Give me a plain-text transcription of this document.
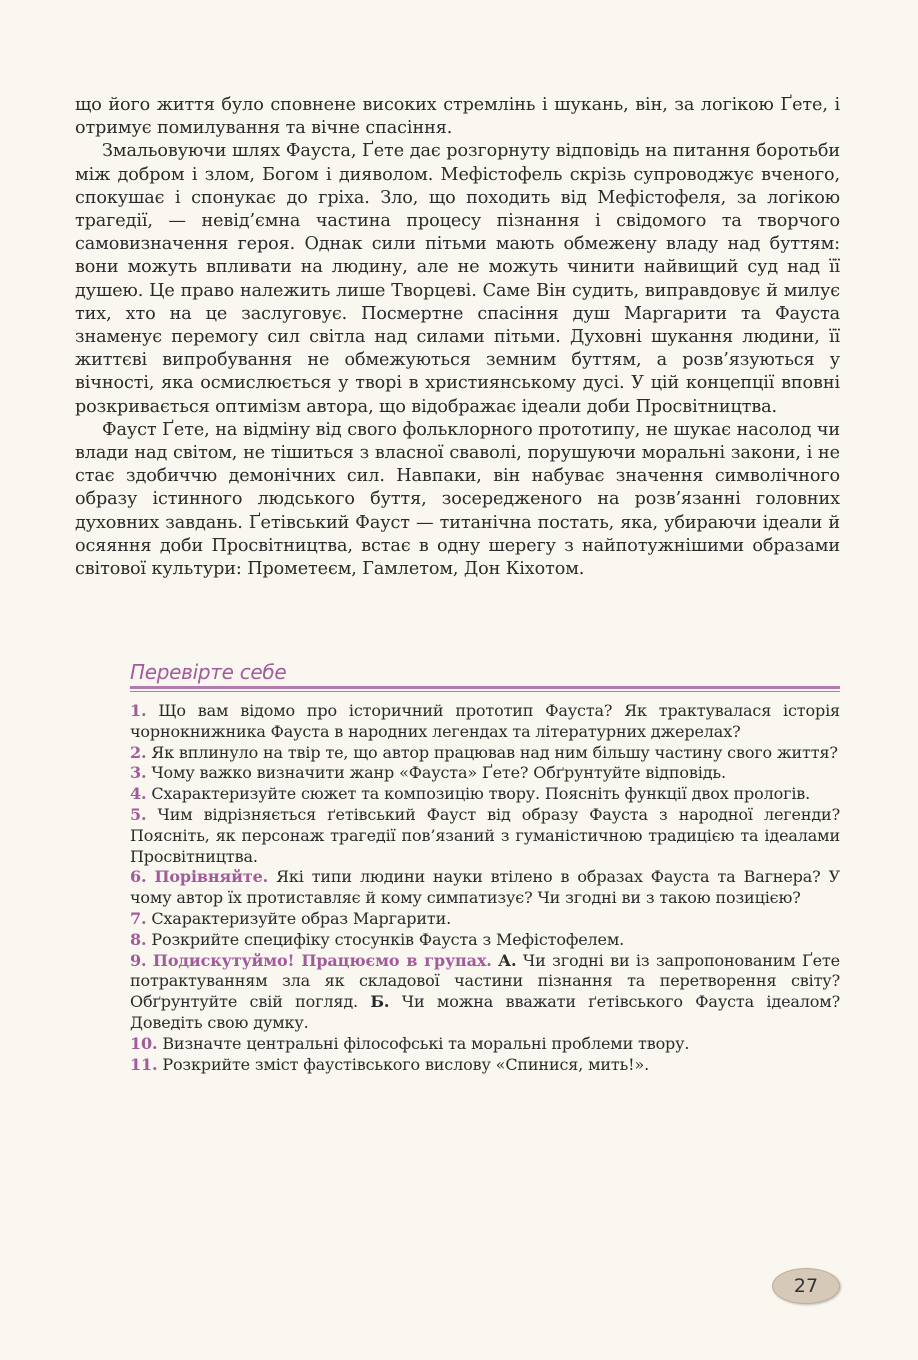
що його життя було сповнене високих стремлінь і шукань, він, за логікою Ґете, і отримує помилування та вічне спасіння.

Змальовуючи шлях Фауста, Ґете дає розгорнуту відповідь на питання боротьби між добром і злом, Богом і дияволом. Мефістофель скрізь супроводжує вченого, спокушає і спонукає до гріха. Зло, що походить від Мефістофеля, за логікою трагедії, — невід’ємна частина процесу пізнання і свідомого та творчого самовизначення героя. Однак сили пітьми мають обмежену владу над буттям: вони можуть впливати на людину, але не можуть чинити найвищий суд над її душею. Це право належить лише Творцеві. Саме Він судить, виправдовує й милує тих, хто на це заслуговує. Посмертне спасіння душ Маргарити та Фауста знаменує перемогу сил світла над силами пітьми. Духовні шукання людини, її життєві випробування не обмежуються земним буттям, а розв’язуються у вічності, яка осмислюється у творі в християнському дусі. У цій концепції вповні розкривається оптимізм автора, що відображає ідеали доби Просвітництва.

Фауст Ґете, на відміну від свого фольклорного прототипу, не шукає насолод чи влади над світом, не тішиться з власної сваволі, порушуючи моральні закони, і не стає здобиччю демонічних сил. Навпаки, він набуває значення символічного образу істинного людського буття, зосередженого на розв’язанні головних духовних завдань. Ґетівський Фауст — титанічна постать, яка, убираючи ідеали й осяяння доби Просвітництва, встає в одну шерегу з найпотужнішими образами світової культури: Прометеєм, Гамлетом, Дон Кіхотом.

Перевірте себе

1. Що вам відомо про історичний прототип Фауста? Як трактувалася історія чорнокнижника Фауста в народних легендах та літературних джерелах?

2. Як вплинуло на твір те, що автор працював над ним більшу частину свого життя?

3. Чому важко визначити жанр «Фауста» Ґете? Обґрунтуйте відповідь.

4. Схарактеризуйте сюжет та композицію твору. Поясніть функції двох прологів.

5. Чим відрізняється ґетівський Фауст від образу Фауста з народної легенди? Поясніть, як персонаж трагедії пов’язаний з гуманістичною традицією та ідеалами Просвітництва.

6. Порівняйте. Які типи людини науки втілено в образах Фауста та Вагнера? У чому автор їх протиставляє й кому симпатизує? Чи згодні ви з такою позицією?

7. Схарактеризуйте образ Маргарити.

8. Розкрийте специфіку стосунків Фауста з Мефістофелем.

9. Подискутуймо! Працюємо в групах. А. Чи згодні ви із запропонованим Ґете потрактуванням зла як складової частини пізнання та перетворення світу? Обґрунтуйте свій погляд. Б. Чи можна вважати ґетівського Фауста ідеалом? Доведіть свою думку.

10. Визначте центральні філософські та моральні проблеми твору.

11. Розкрийте зміст фаустівського вислову «Спинися, мить!».

27
